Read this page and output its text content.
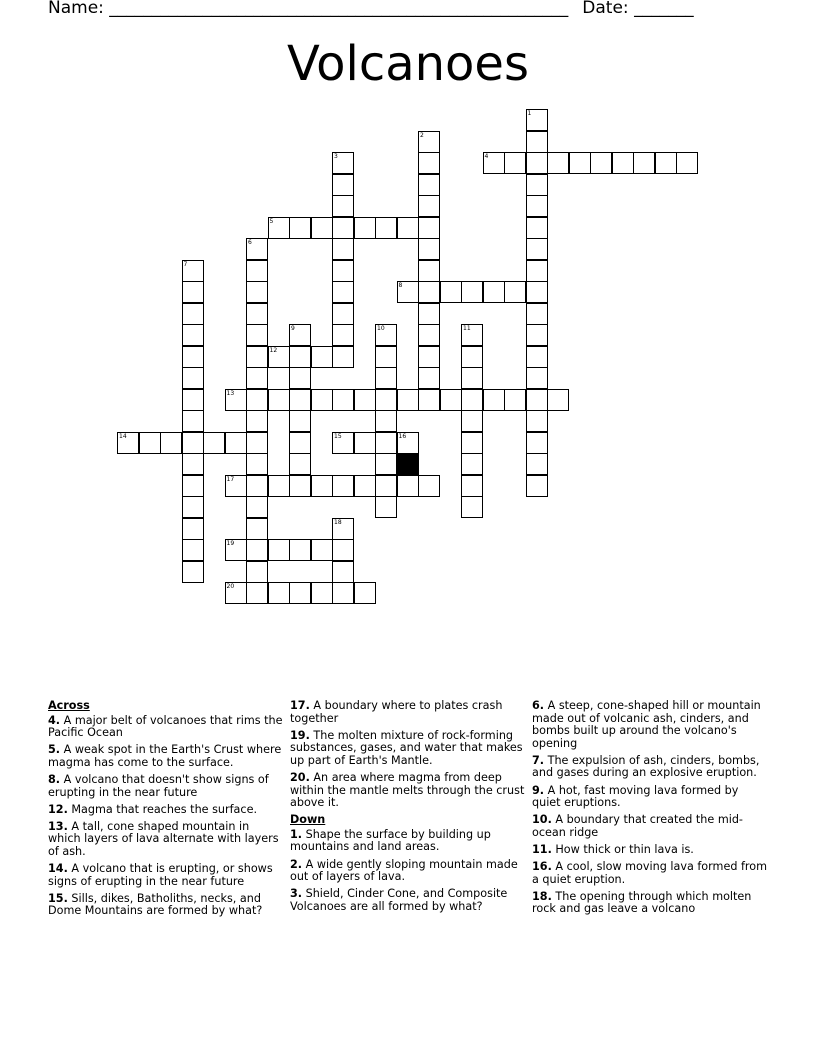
Name: ______________________________________________________ Date: _______
Volcanoes
1
2
3	4
5
6
7
8
9	10	11
12
13
14	15	16
17
18
19
20
Across
4. A major belt of volcanoes that rims the Pacific Ocean
5. A weak spot in the Earth's Crust where magma has come to the surface.
8. A volcano that doesn't show signs of erupting in the near future
12. Magma that reaches the surface.
13. A tall, cone shaped mountain in which layers of lava alternate with layers of ash.
14. A volcano that is erupting, or shows signs of erupting in the near future
15. Sills, dikes, Batholiths, necks, and Dome Mountains are formed by what?
17. A boundary where to plates crash together
19. The molten mixture of rock-forming substances, gases, and water that makes up part of Earth's Mantle.
20. An area where magma from deep within the mantle melts through the crust above it.
Down
1. Shape the surface by building up mountains and land areas.
2. A wide gently sloping mountain made out of layers of lava.
3. Shield, Cinder Cone, and Composite Volcanoes are all formed by what?
6. A steep, cone-shaped hill or mountain made out of volcanic ash, cinders, and bombs built up around the volcano's opening
7. The expulsion of ash, cinders, bombs, and gases during an explosive eruption.
9. A hot, fast moving lava formed by quiet eruptions.
10. A boundary that created the mid-ocean ridge
11. How thick or thin lava is.
16. A cool, slow moving lava formed from a quiet eruption.
18. The opening through which molten rock and gas leave a volcano
